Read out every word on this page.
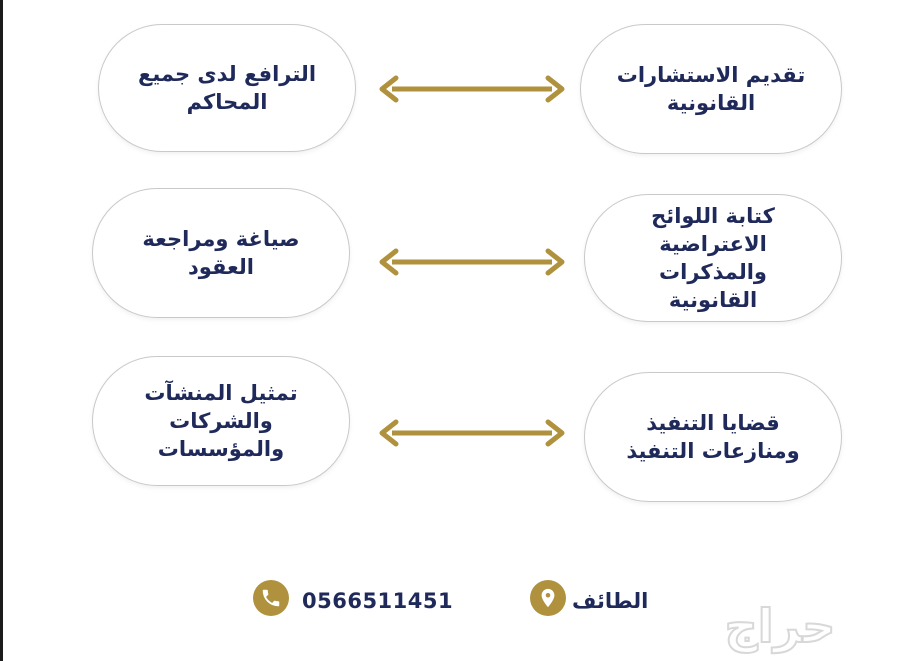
تقديم الاستشارات
القانونية
الترافع لدى جميع
المحاكم
كتابة اللوائح
الاعتراضية والمذكرات
القانونية
صياغة ومراجعة
العقود
قضايا التنفيذ
ومنازعات التنفيذ
تمثيل المنشآت
والشركات
والمؤسسات
0566511451	الطائف حراج
